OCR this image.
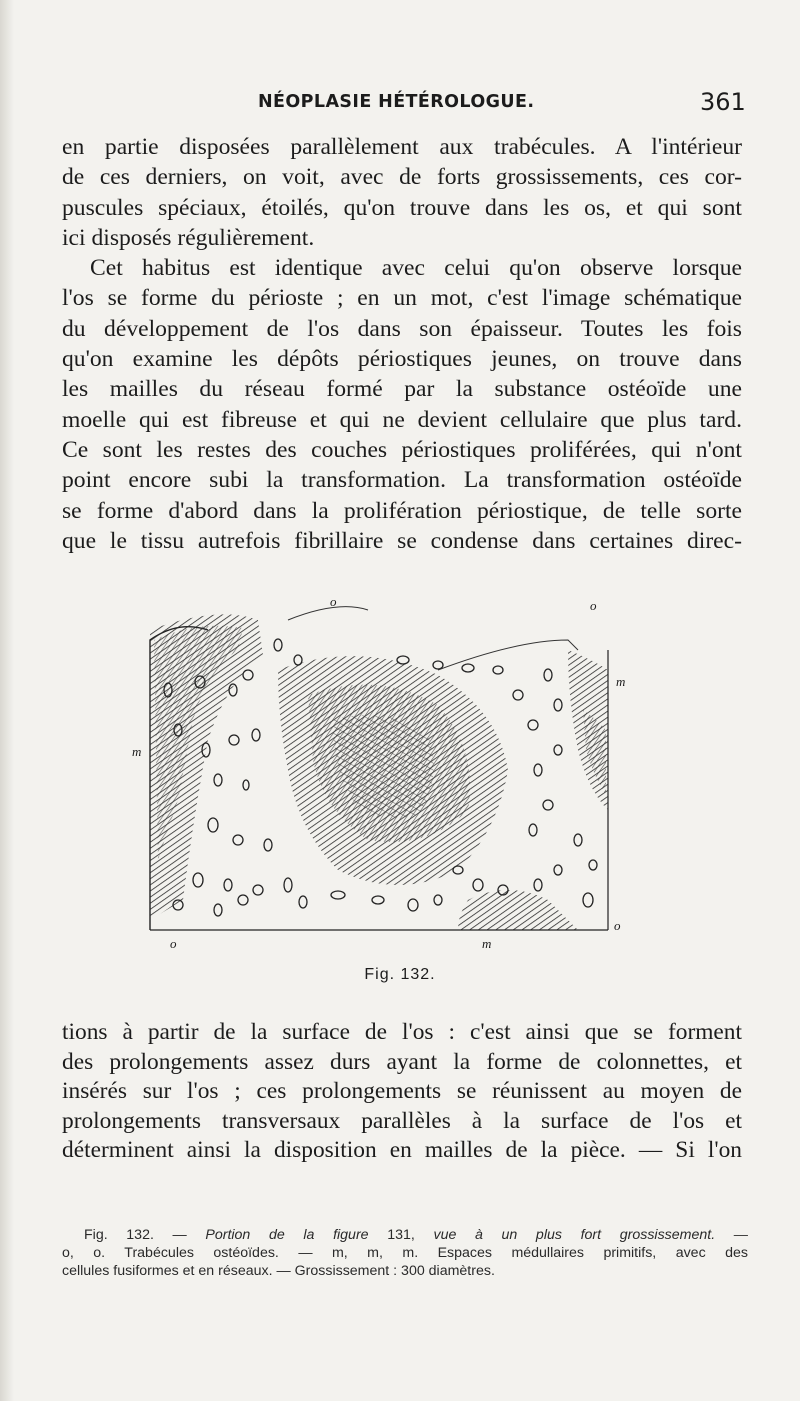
NÉOPLASIE HÉTÉROLOGUE.	361
en partie disposées parallèlement aux trabécules. A l'intérieur
de ces derniers, on voit, avec de forts grossissements, ces cor-
puscules spéciaux, étoilés, qu'on trouve dans les os, et qui sont
ici disposés régulièrement.
Cet habitus est identique avec celui qu'on observe lorsque
l'os se forme du périoste ; en un mot, c'est l'image schématique
du développement de l'os dans son épaisseur. Toutes les fois
qu'on examine les dépôts périostiques jeunes, on trouve dans
les mailles du réseau formé par la substance ostéoïde une
moelle qui est fibreuse et qui ne devient cellulaire que plus tard.
Ce sont les restes des couches périostiques proliférées, qui n'ont
point encore subi la transformation. La transformation ostéoïde
se forme d'abord dans la prolifération périostique, de telle sorte
que le tissu autrefois fibrillaire se condense dans certaines direc-
o	o
m
m
o	m
o
Fig. 132.
tions à partir de la surface de l'os : c'est ainsi que se forment
des prolongements assez durs ayant la forme de colonnettes, et
insérés sur l'os ; ces prolongements se réunissent au moyen de
prolongements transversaux parallèles à la surface de l'os et
déterminent ainsi la disposition en mailles de la pièce. — Si l'on
Fig. 132. — Portion de la figure 131, vue à un plus fort grossissement. —
o, o. Trabécules ostéoïdes. — m, m, m. Espaces médullaires primitifs, avec des
cellules fusiformes et en réseaux. — Grossissement : 300 diamètres.
